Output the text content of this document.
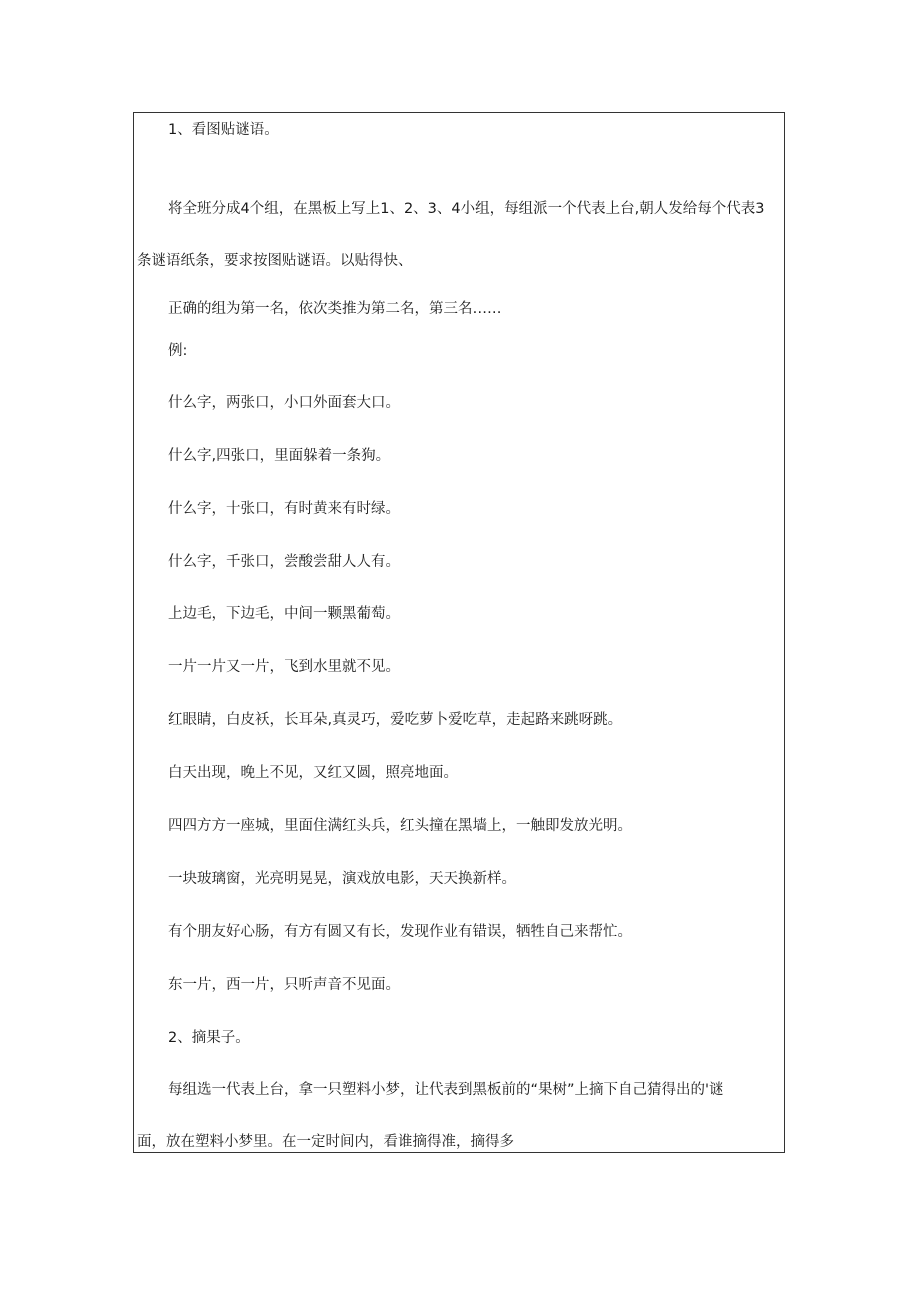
1、看图贴谜语。
将全班分成4个组，在黑板上写上1、2、3、4小组，每组派一个代表上台,朝人发给每个代表3
条谜语纸条，要求按图贴谜语。以贴得快、
正确的组为第一名，依次类推为第二名，第三名……
例:
什么字，两张口，小口外面套大口。
什么字,四张口，里面躲着一条狗。
什么字，十张口，有时黄来有时绿。
什么字，千张口，尝酸尝甜人人有。
上边毛，下边毛，中间一颗黑葡萄。
一片一片又一片，飞到水里就不见。
红眼睛，白皮袄，长耳朵,真灵巧，爱吃萝卜爱吃草，走起路来跳呀跳。
白天出现，晚上不见，又红又圆，照亮地面。
四四方方一座城，里面住满红头兵，红头撞在黑墙上，一触即发放光明。
一块玻璃窗，光亮明晃晃，演戏放电影，天天换新样。
有个朋友好心肠，有方有圆又有长，发现作业有错误，牺牲自己来帮忙。
东一片，西一片，只听声音不见面。
2、摘果子。
每组选一代表上台，拿一只塑料小梦，让代表到黑板前的“果树”上摘下自己猜得出的'谜
面，放在塑料小梦里。在一定时间内，看谁摘得准，摘得多
